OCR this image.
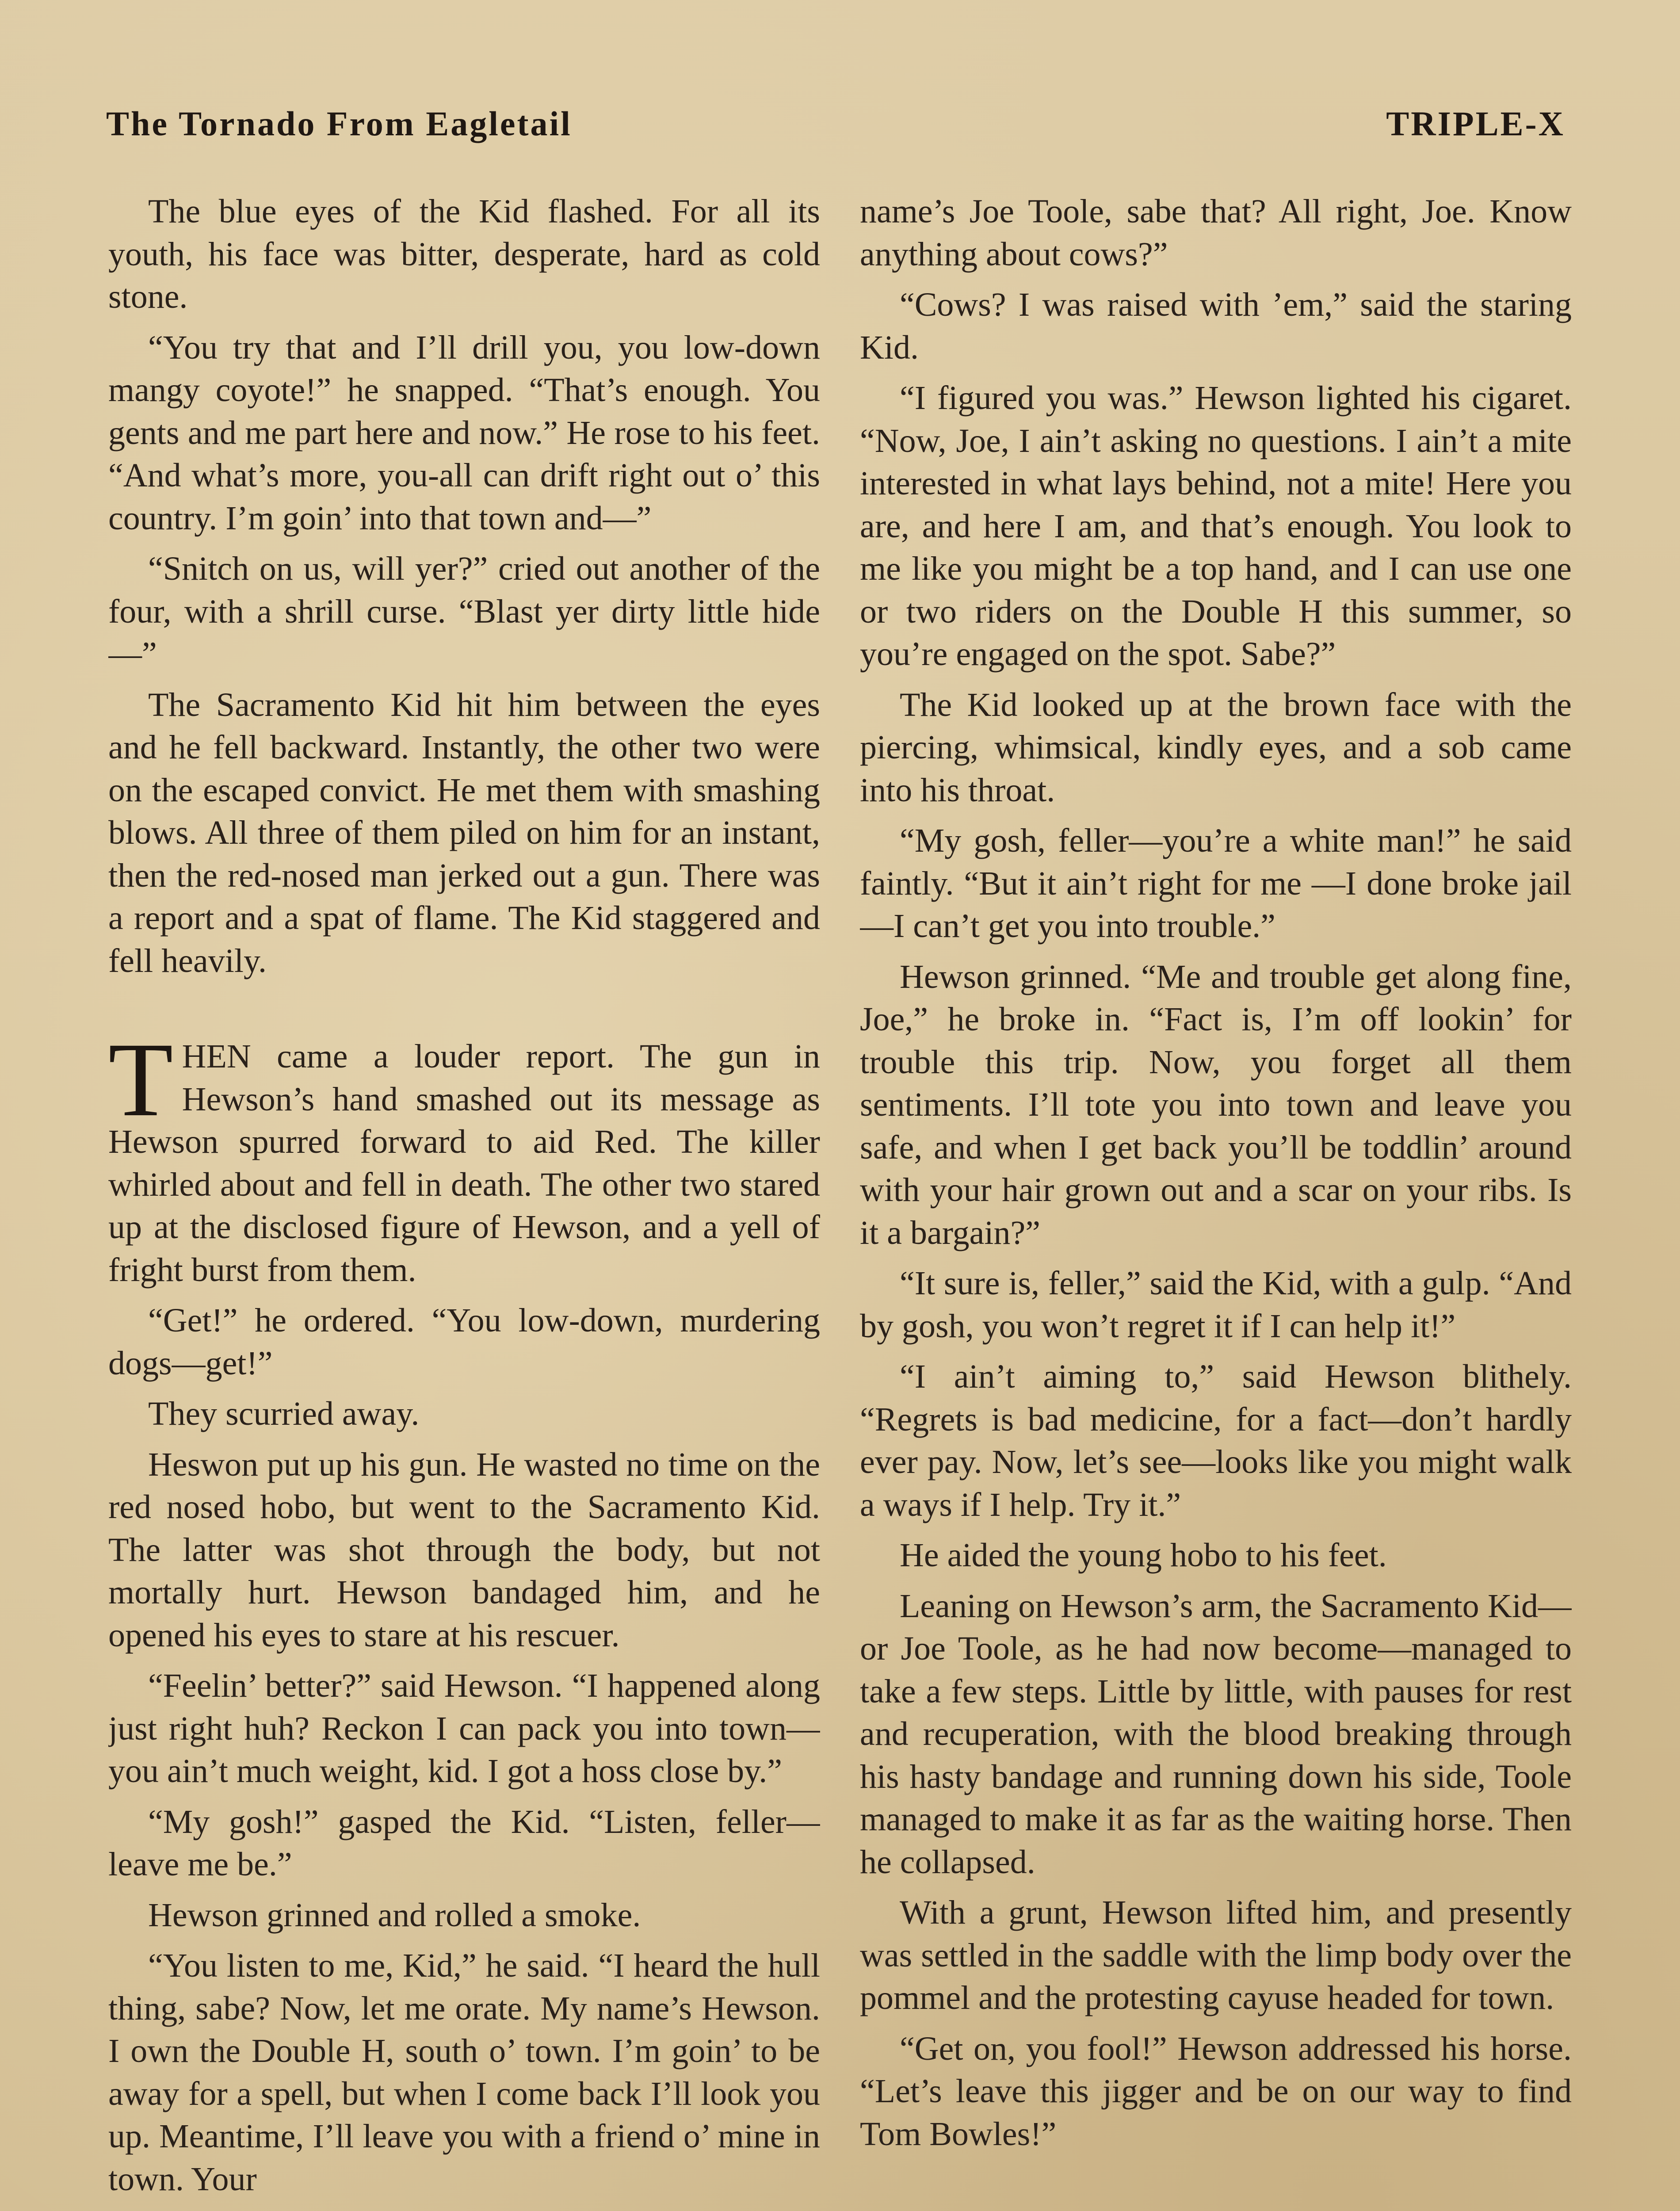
The Tornado From Eagletail	TRIPLE-X

The blue eyes of the Kid flashed. For all its youth, his face was bitter, desperate, hard as cold stone.

“You try that and I’ll drill you, you low-down mangy coyote!” he snapped. “That’s enough. You gents and me part here and now.” He rose to his feet. “And what’s more, you-all can drift right out o’ this country. I’m goin’ into that town and—”

“Snitch on us, will yer?” cried out another of the four, with a shrill curse. “Blast yer dirty little hide—”

The Sacramento Kid hit him between the eyes and he fell backward. Instantly, the other two were on the escaped convict. He met them with smashing blows. All three of them piled on him for an instant, then the red-nosed man jerked out a gun. There was a report and a spat of flame. The Kid staggered and fell heavily.

THEN came a louder report. The gun in Hewson’s hand smashed out its message as Hewson spurred forward to aid Red. The killer whirled about and fell in death. The other two stared up at the disclosed figure of Hewson, and a yell of fright burst from them.

“Get!” he ordered. “You low-down, murdering dogs—get!”

They scurried away.

Heswon put up his gun. He wasted no time on the red nosed hobo, but went to the Sacramento Kid. The latter was shot through the body, but not mortally hurt. Hewson bandaged him, and he opened his eyes to stare at his rescuer.

“Feelin’ better?” said Hewson. “I happened along just right huh? Reckon I can pack you into town—you ain’t much weight, kid. I got a hoss close by.”

“My gosh!” gasped the Kid. “Listen, feller—leave me be.”

Hewson grinned and rolled a smoke.

“You listen to me, Kid,” he said. “I heard the hull thing, sabe? Now, let me orate. My name’s Hewson. I own the Double H, south o’ town. I’m goin’ to be away for a spell, but when I come back I’ll look you up. Meantime, I’ll leave you with a friend o’ mine in town. Your

name’s Joe Toole, sabe that? All right, Joe. Know anything about cows?”

“Cows? I was raised with ’em,” said the staring Kid.

“I figured you was.” Hewson lighted his cigaret. “Now, Joe, I ain’t asking no questions. I ain’t a mite interested in what lays behind, not a mite! Here you are, and here I am, and that’s enough. You look to me like you might be a top hand, and I can use one or two riders on the Double H this summer, so you’re engaged on the spot. Sabe?”

The Kid looked up at the brown face with the piercing, whimsical, kindly eyes, and a sob came into his throat.

“My gosh, feller—you’re a white man!” he said faintly. “But it ain’t right for me —I done broke jail—I can’t get you into trouble.”

Hewson grinned. “Me and trouble get along fine, Joe,” he broke in. “Fact is, I’m off lookin’ for trouble this trip. Now, you forget all them sentiments. I’ll tote you into town and leave you safe, and when I get back you’ll be toddlin’ around with your hair grown out and a scar on your ribs. Is it a bargain?”

“It sure is, feller,” said the Kid, with a gulp. “And by gosh, you won’t regret it if I can help it!”

“I ain’t aiming to,” said Hewson blithely. “Regrets is bad medicine, for a fact—don’t hardly ever pay. Now, let’s see—looks like you might walk a ways if I help. Try it.”

He aided the young hobo to his feet.

Leaning on Hewson’s arm, the Sacramento Kid—or Joe Toole, as he had now become—managed to take a few steps. Little by little, with pauses for rest and recuperation, with the blood breaking through his hasty bandage and running down his side, Toole managed to make it as far as the waiting horse. Then he collapsed.

With a grunt, Hewson lifted him, and presently was settled in the saddle with the limp body over the pommel and the protesting cayuse headed for town.

“Get on, you fool!” Hewson addressed his horse. “Let’s leave this jigger and be on our way to find Tom Bowles!”
